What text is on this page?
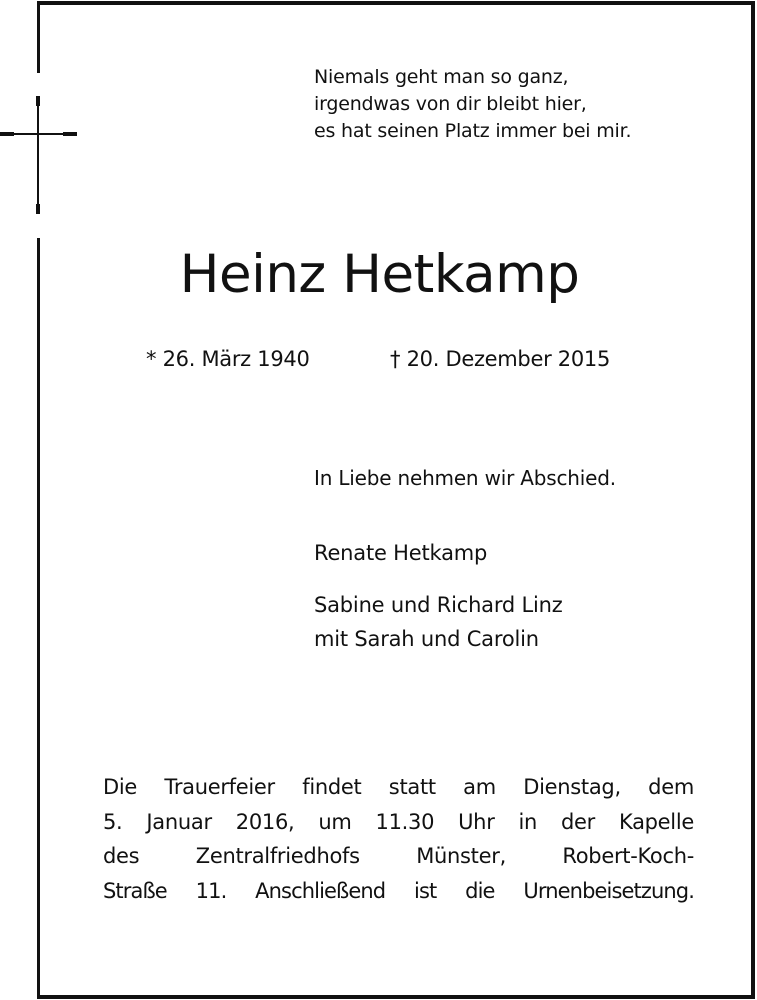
Niemals geht man so ganz,
irgendwas von dir bleibt hier,
es hat seinen Platz immer bei mir.
Heinz Hetkamp
* 26. März 1940	† 20. Dezember 2015
In Liebe nehmen wir Abschied.
Renate Hetkamp
Sabine und Richard Linz
mit Sarah und Carolin
Die Trauerfeier findet statt am Dienstag, dem
5. Januar 2016, um 11.30 Uhr in der Kapelle
des Zentralfriedhofs Münster, Robert-Koch-
Straße 11. Anschließend ist die Urnenbeisetzung.
